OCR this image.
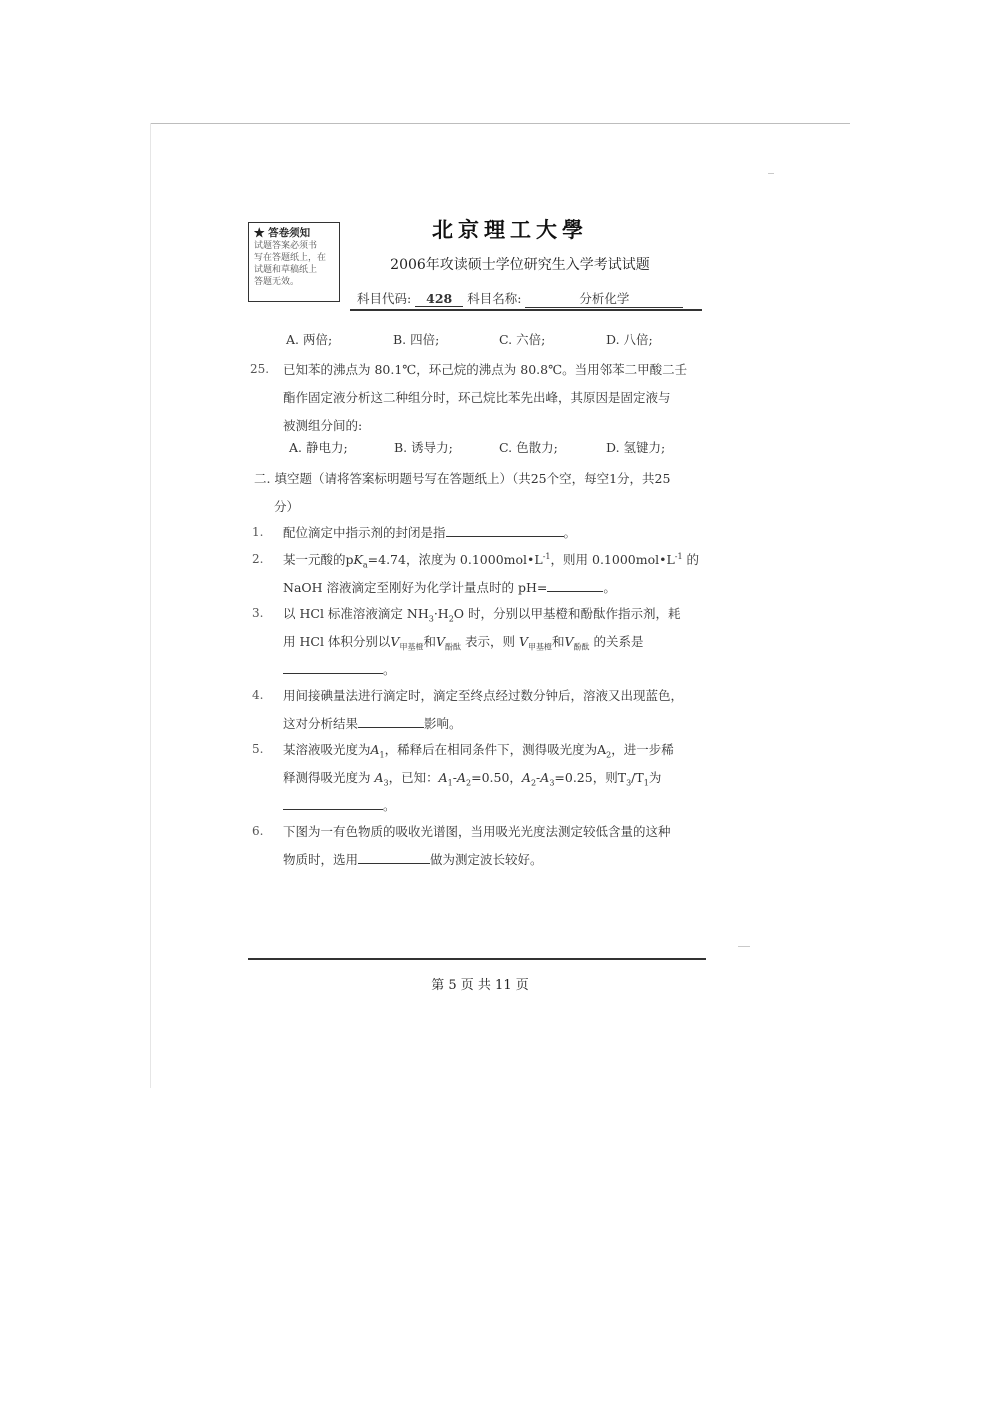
★ 答卷须知
试题答案必须书
写在答题纸上，在
试题和草稿纸上
答题无效。
北京理工大學
2006年攻读硕士学位研究生入学考试试题
科目代码: 428 科目名称:	分析化学
A. 两倍;	B. 四倍;	C. 六倍;	D. 八倍;
25. 已知苯的沸点为 80.1℃，环己烷的沸点为 80.8℃。当用邻苯二甲酸二壬
酯作固定液分析这二种组分时，环己烷比苯先出峰，其原因是固定液与
被测组分间的:
A. 静电力;	B. 诱导力;	C. 色散力;	D. 氢键力;
二. 填空题（请将答案标明题号写在答题纸上）（共25个空，每空1分，共25
分）
1. 配位滴定中指示剂的封闭是指	。
2. 某一元酸的$pK_a=4.74$，浓度为 $0.1000mol•L^{-1}$，则用 $0.1000mol•L^{-1}$ 的
NaOH 溶液滴定至刚好为化学计量点时的 pH=	。
3. 以 HCl 标准溶液滴定 $NH_3\cdot H_2O$ 时，分别以甲基橙和酚酞作指示剂，耗
用 HCl 体积分别以$V_{甲基橙}$和$V_{酚酞}$ 表示，则 $V_{甲基橙}$和$V_{酚酞}$ 的关系是
。
4. 用间接碘量法进行滴定时，滴定至终点经过数分钟后，溶液又出现蓝色，
这对分析结果	影响。
5. 某溶液吸光度为$A_1$，稀释后在相同条件下，测得吸光度为$A_2$，进一步稀
释测得吸光度为 $A_3$，已知：$A_1-A_2=0.50$，$A_2-A_3=0.25$，则$T_3/T_1$为
。
6. 下图为一有色物质的吸收光谱图，当用吸光光度法测定较低含量的这种
物质时，选用	做为测定波长较好。
第 5 页 共 11 页
